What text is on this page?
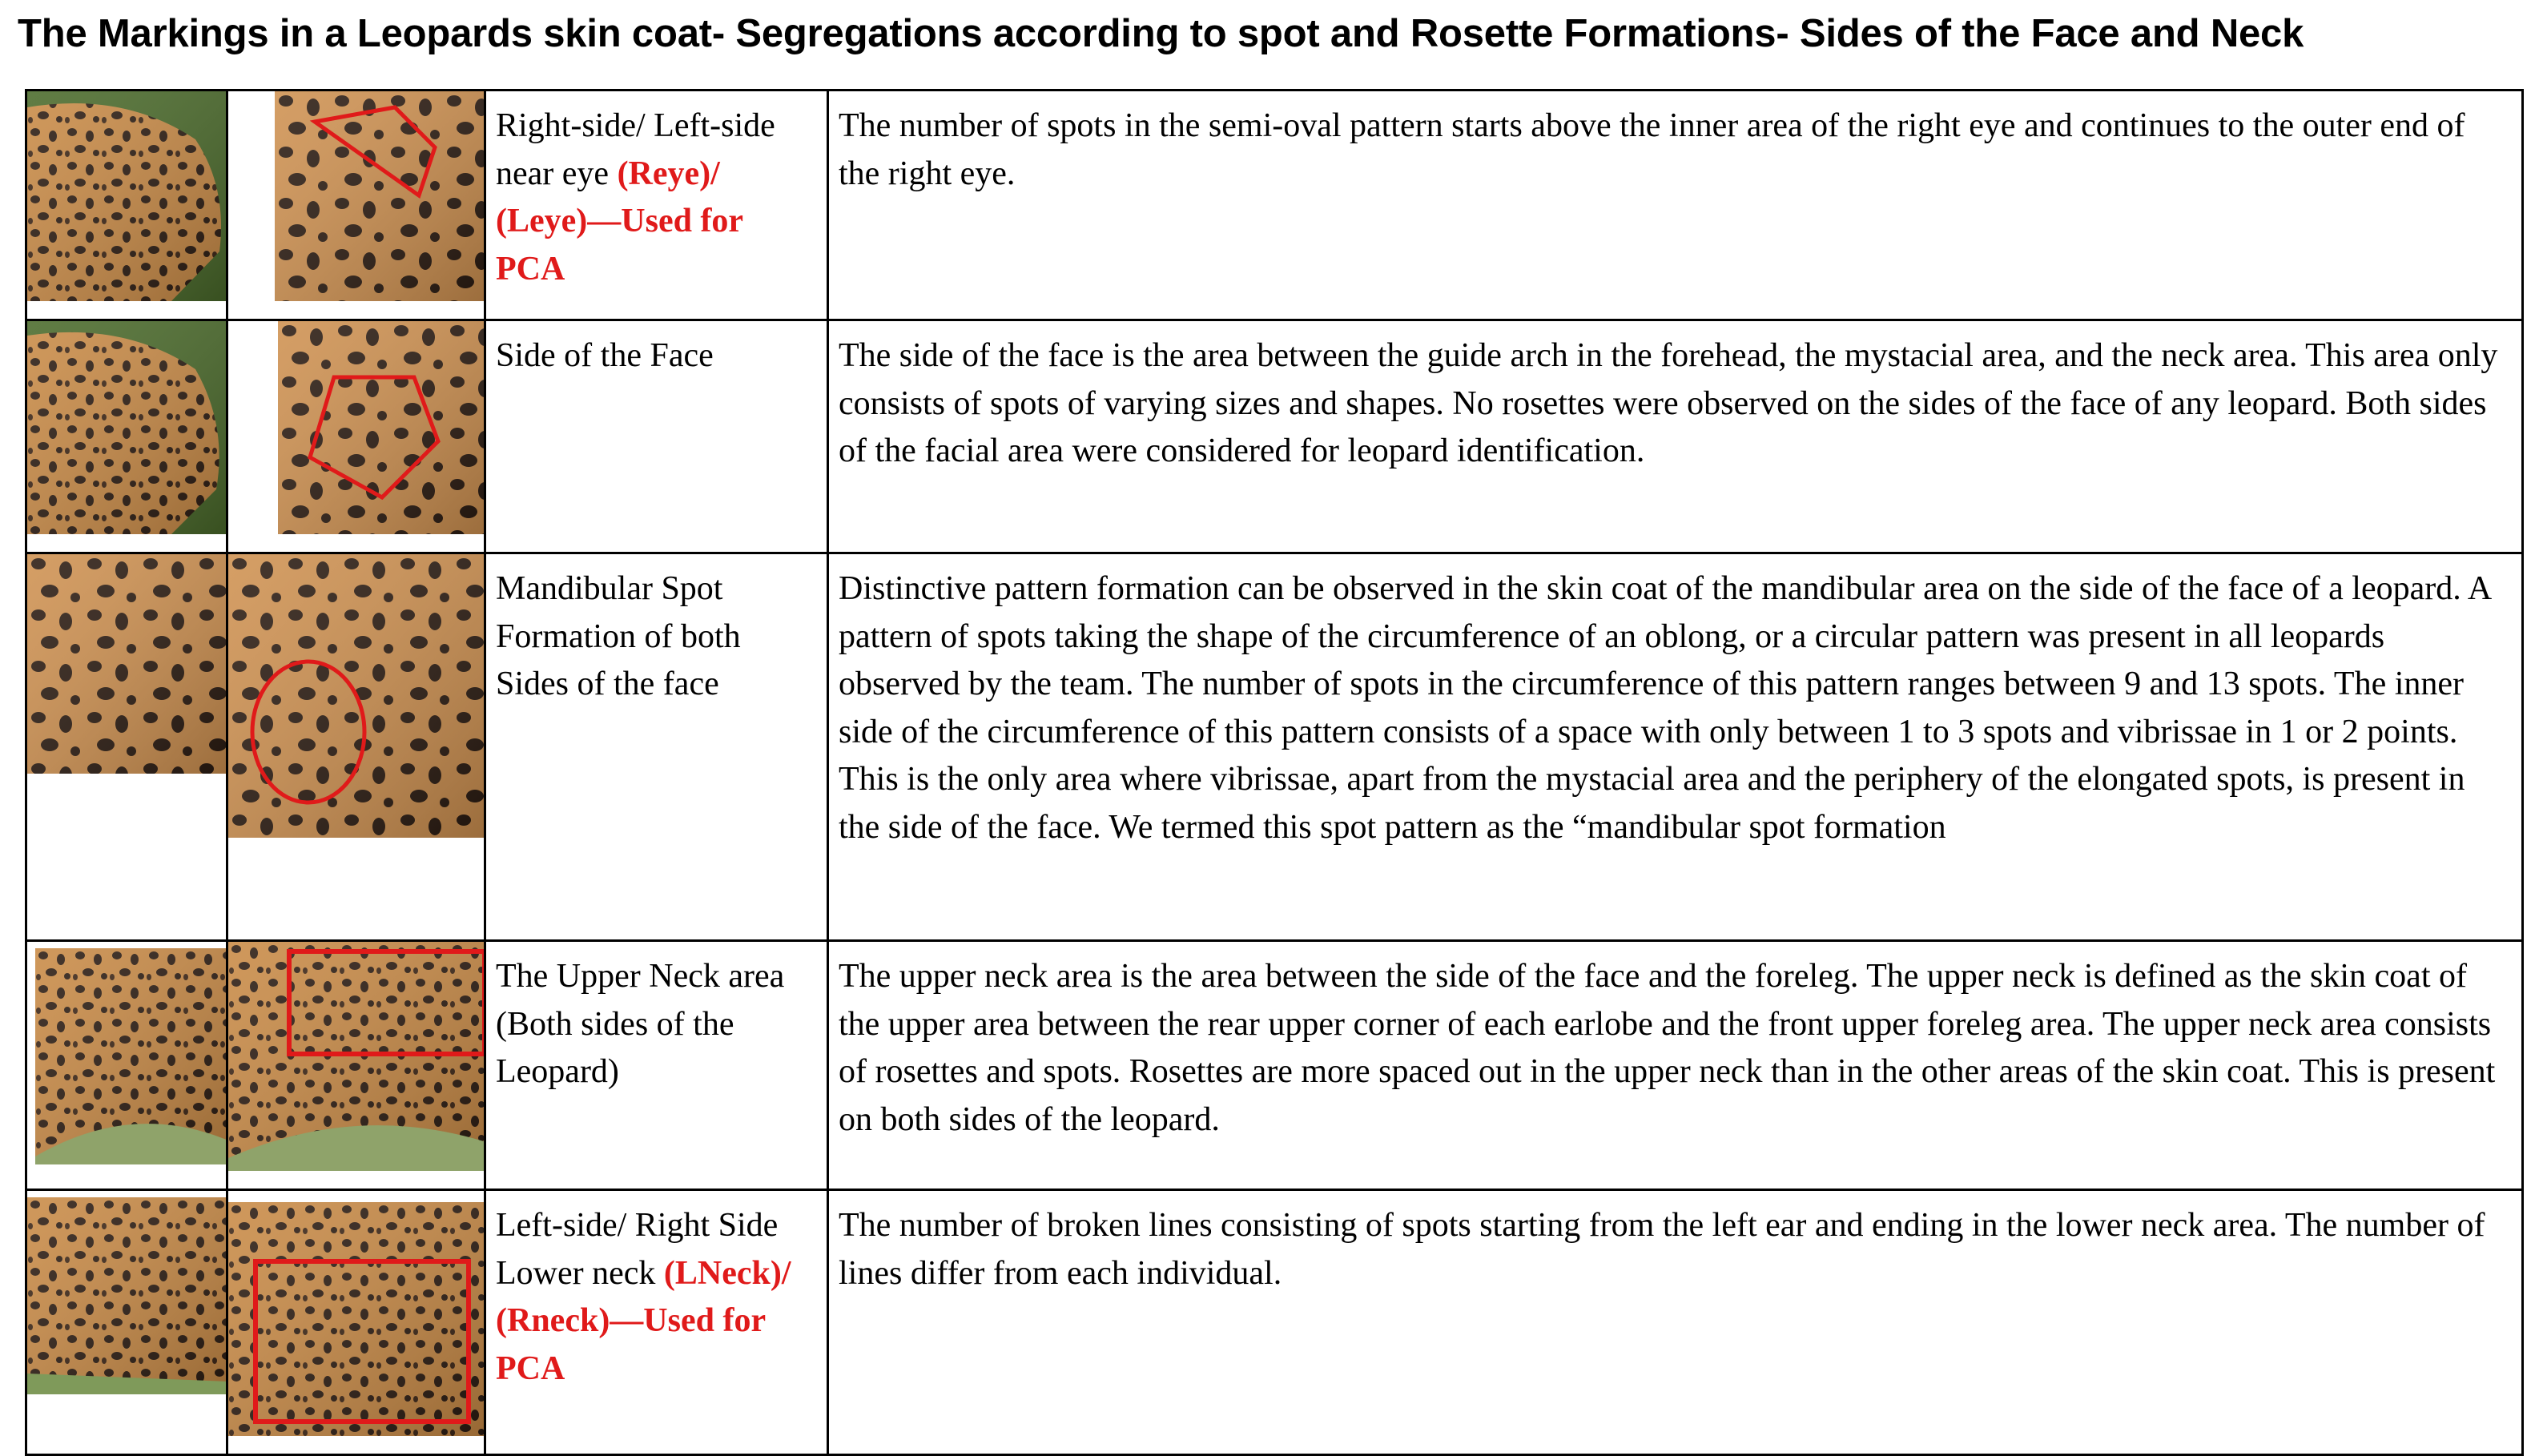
The Markings in a Leopards skin coat- Segregations according to spot and Rosette Formations- Sides of the Face and Neck

	Right-side/ Left-side near eye (Reye)/ (Leye)—Used for PCA	The number of spots in the semi-oval pattern starts above the inner area of the right eye and continues to the outer end of the right eye.

	Side of the Face	The side of the face is the area between the guide arch in the forehead, the mystacial area, and the neck area. This area only consists of spots of varying sizes and shapes. No rosettes were observed on the sides of the face of any leopard. Both sides of the facial area were considered for leopard identification.

	Mandibular Spot Formation of both Sides of the face	Distinctive pattern formation can be observed in the skin coat of the mandibular area on the side of the face of a leopard. A pattern of spots taking the shape of the circumference of an oblong, or a circular pattern was present in all leopards observed by the team. The number of spots in the circumference of this pattern ranges between 9 and 13 spots. The inner side of the circumference of this pattern consists of a space with only between 1 to 3 spots and vibrissae in 1 or 2 points. This is the only area where vibrissae, apart from the mystacial area and the periphery of the elongated spots, is present in the side of the face. We termed this spot pattern as the “mandibular spot formation

	The Upper Neck area (Both sides of the Leopard)	The upper neck area is the area between the side of the face and the foreleg. The upper neck is defined as the skin coat of the upper area between the rear upper corner of each earlobe and the front upper foreleg area. The upper neck area consists of rosettes and spots. Rosettes are more spaced out in the upper neck than in the other areas of the skin coat. This is present on both sides of the leopard.

	Left-side/ Right Side Lower neck (LNeck)/ (Rneck)—Used for PCA	The number of broken lines consisting of spots starting from the left ear and ending in the lower neck area. The number of lines differ from each individual.
